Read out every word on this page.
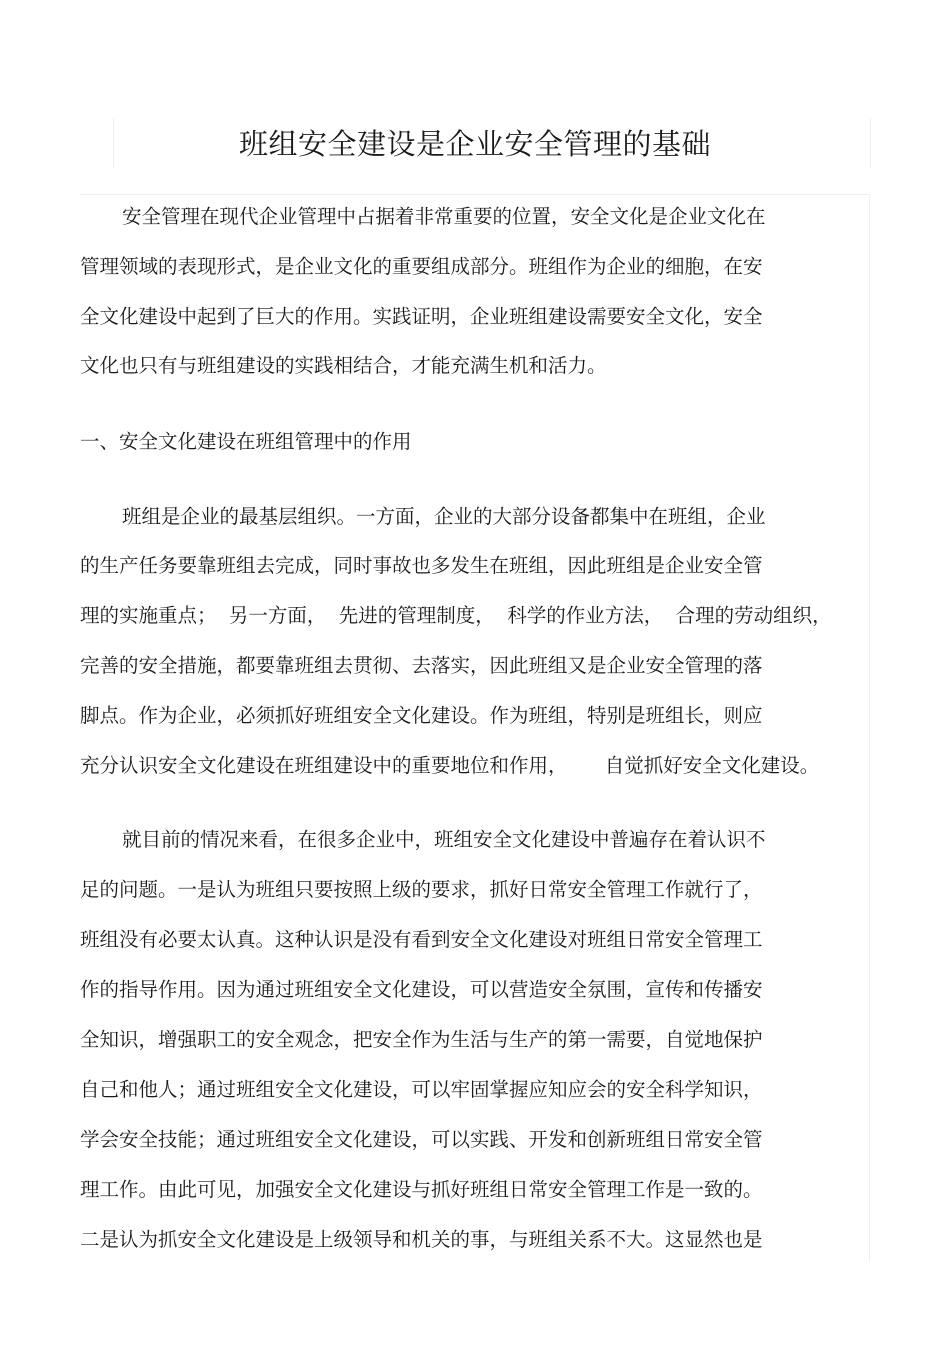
班组安全建设是企业安全管理的基础
安全管理在现代企业管理中占据着非常重要的位置，安全文化是企业文化在
管理领域的表现形式，是企业文化的重要组成部分。班组作为企业的细胞，在安
全文化建设中起到了巨大的作用。实践证明，企业班组建设需要安全文化，安全
文化也只有与班组建设的实践相结合，才能充满生机和活力。
一、安全文化建设在班组管理中的作用
班组是企业的最基层组织。一方面，企业的大部分设备都集中在班组，企业
的生产任务要靠班组去完成，同时事故也多发生在班组，因此班组是企业安全管
理的实施重点；  另一方面，  先进的管理制度，  科学的作业方法，  合理的劳动组织，
完善的安全措施，都要靠班组去贯彻、去落实，因此班组又是企业安全管理的落
脚点。作为企业，必须抓好班组安全文化建设。作为班组，特别是班组长，则应
充分认识安全文化建设在班组建设中的重要地位和作用，      自觉抓好安全文化建设。
就目前的情况来看，在很多企业中，班组安全文化建设中普遍存在着认识不
足的问题。一是认为班组只要按照上级的要求，抓好日常安全管理工作就行了，
班组没有必要太认真。这种认识是没有看到安全文化建设对班组日常安全管理工
作的指导作用。因为通过班组安全文化建设，可以营造安全氛围，宣传和传播安
全知识，增强职工的安全观念，把安全作为生活与生产的第一需要，自觉地保护
自己和他人；通过班组安全文化建设，可以牢固掌握应知应会的安全科学知识，
学会安全技能；通过班组安全文化建设，可以实践、开发和创新班组日常安全管
理工作。由此可见，加强安全文化建设与抓好班组日常安全管理工作是一致的。
二是认为抓安全文化建设是上级领导和机关的事，与班组关系不大。这显然也是
